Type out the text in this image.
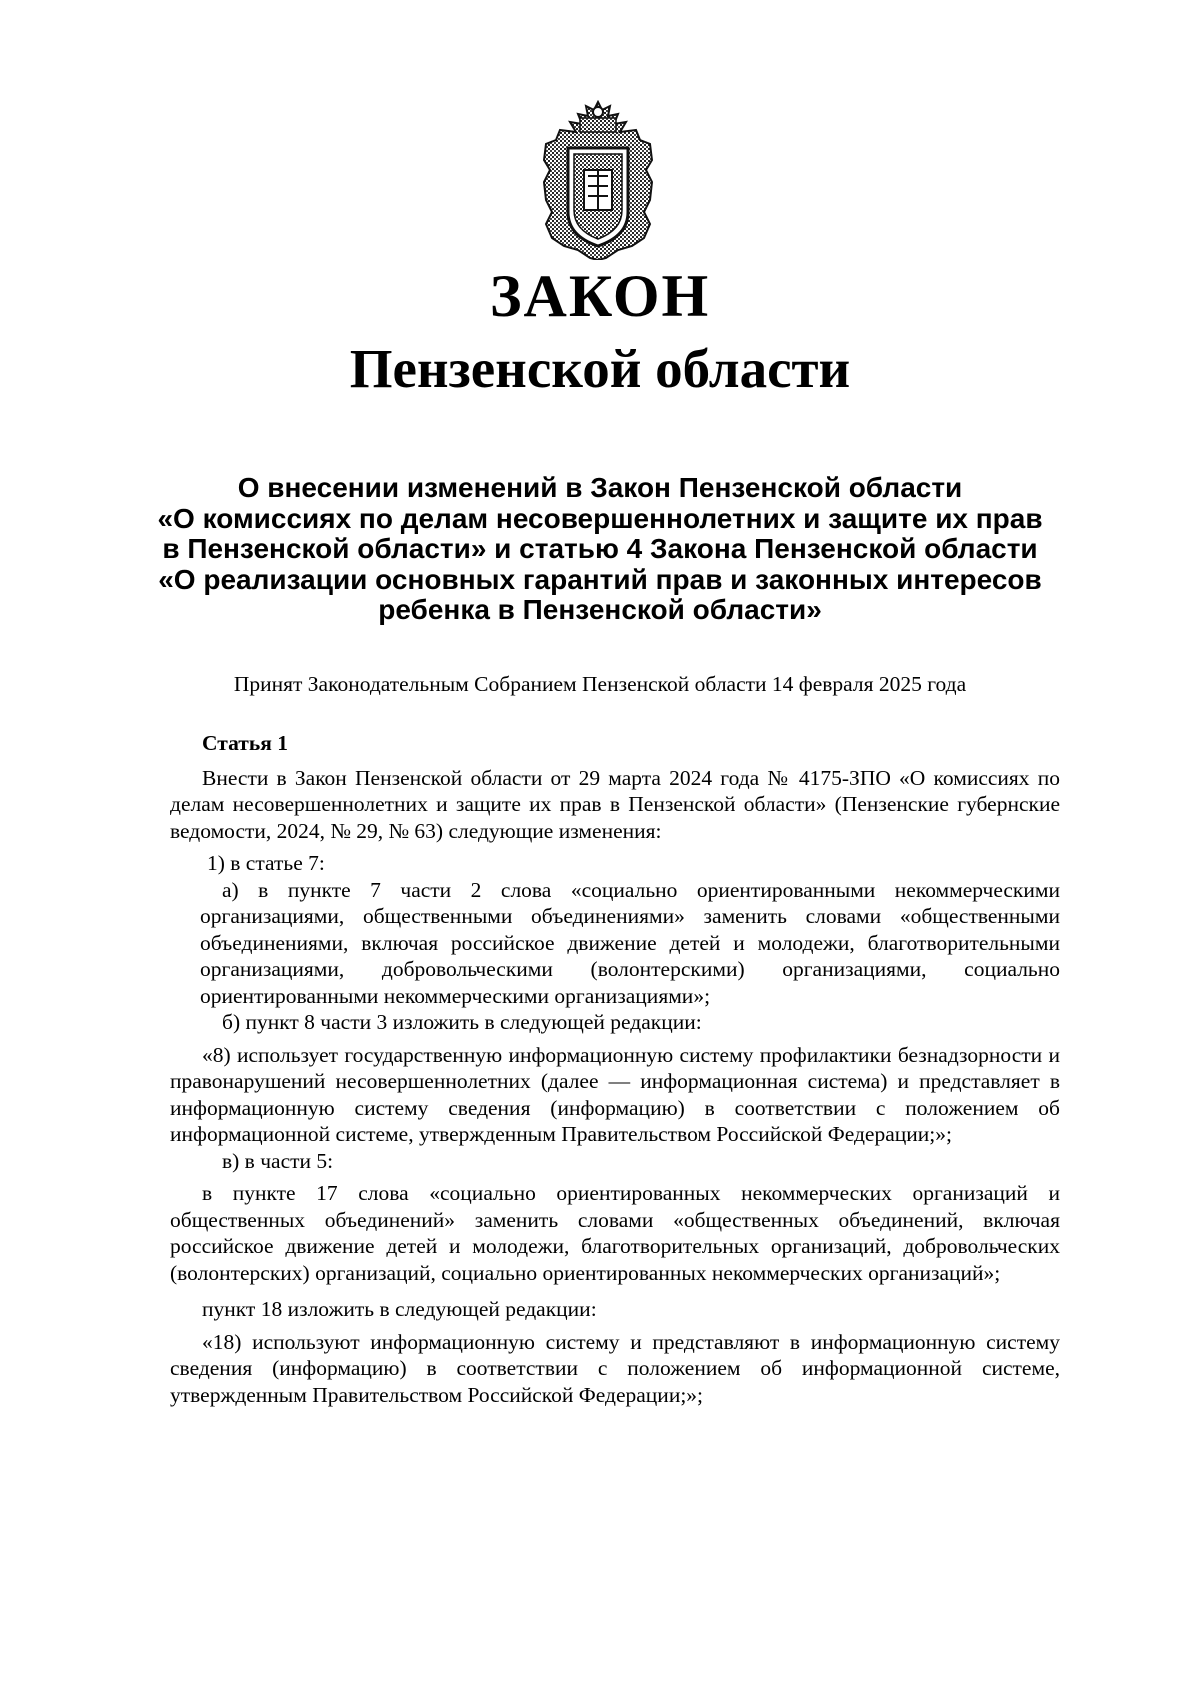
ЗАКОН
Пензенской области
О внесении изменений в Закон Пензенской области
«О комиссиях по делам несовершеннолетних и защите их прав
в Пензенской области» и статью 4 Закона Пензенской области
«О реализации основных гарантий прав и законных интересов
ребенка в Пензенской области»
Принят Законодательным Собранием Пензенской области 14 февраля 2025 года
Статья 1

Внести в Закон Пензенской области от 29 марта 2024 года № 4175-ЗПО «О комиссиях по делам несовершеннолетних и защите их прав в Пензенской области» (Пензенские губернские ведомости, 2024, № 29, № 63) следующие изменения:

1) в статье 7:

а) в пункте 7 части 2 слова «социально ориентированными некоммерческими организациями, общественными объединениями» заменить словами «общественными объединениями, включая российское движение детей и молодежи, благотворительными организациями, добровольческими (волонтерскими) организациями, социально ориентированными некоммерческими организациями»;

б) пункт 8 части 3 изложить в следующей редакции:

«8) использует государственную информационную систему профилактики безнадзорности и правонарушений несовершеннолетних (далее — информационная система) и представляет в информационную систему сведения (информацию) в соответствии с положением об информационной системе, утвержденным Правительством Российской Федерации;»;

в) в части 5:

в пункте 17 слова «социально ориентированных некоммерческих организаций и общественных объединений» заменить словами «общественных объединений, включая российское движение детей и молодежи, благотворительных организаций, добровольческих (волонтерских) организаций, социально ориентированных некоммерческих организаций»;

пункт 18 изложить в следующей редакции:

«18) используют информационную систему и представляют в информационную систему сведения (информацию) в соответствии с положением об информационной системе, утвержденным Правительством Российской Федерации;»;
